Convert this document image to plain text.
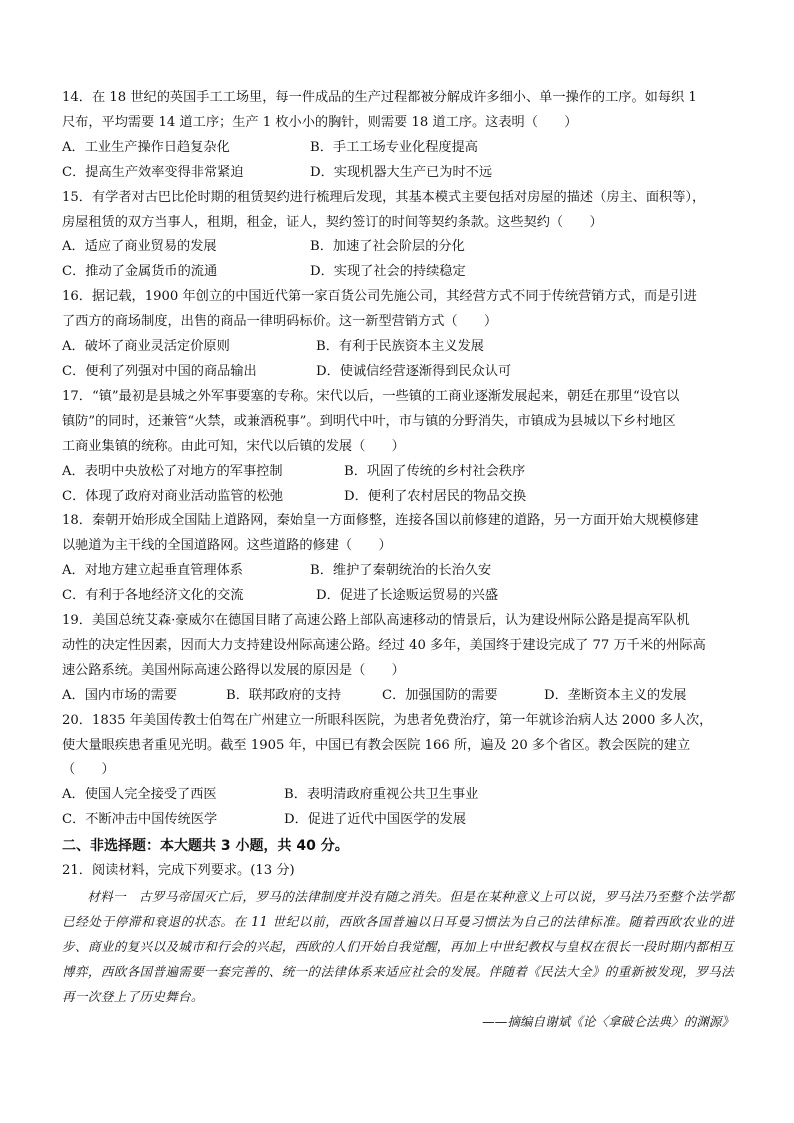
14．在 18 世纪的英国手工工场里，每一件成品的生产过程都被分解成许多细小、单一操作的工序。如每织 1
尺布，平均需要 14 道工序；生产 1 枚小小的胸针，则需要 18 道工序。这表明（　　）
A．工业生产操作日趋复杂化	B．手工工场专业化程度提高
C．提高生产效率变得非常紧迫	D．实现机器大生产已为时不远
15．有学者对古巴比伦时期的租赁契约进行梳理后发现，其基本模式主要包括对房屋的描述（房主、面积等），
房屋租赁的双方当事人，租期，租金，证人，契约签订的时间等契约条款。这些契约（　　）
A．适应了商业贸易的发展	B．加速了社会阶层的分化
C．推动了金属货币的流通	D．实现了社会的持续稳定
16．据记载，1900 年创立的中国近代第一家百货公司先施公司，其经营方式不同于传统营销方式，而是引进
了西方的商场制度，出售的商品一律明码标价。这一新型营销方式（　　）
A．破坏了商业灵活定价原则	B．有利于民族资本主义发展
C．便利了列强对中国的商品输出	D．使诚信经营逐渐得到民众认可
17．“镇”最初是县城之外军事要塞的专称。宋代以后，一些镇的工商业逐渐发展起来，朝廷在那里“设官以
镇防”的同时，还兼管“火禁，或兼酒税事”。到明代中叶，市与镇的分野消失，市镇成为县城以下乡村地区
工商业集镇的统称。由此可知，宋代以后镇的发展（　　）
A．表明中央放松了对地方的军事控制	B．巩固了传统的乡村社会秩序
C．体现了政府对商业活动监管的松弛	D．便利了农村居民的物品交换
18．秦朝开始形成全国陆上道路网，秦始皇一方面修整，连接各国以前修建的道路，另一方面开始大规模修建
以驰道为主干线的全国道路网。这些道路的修建（　　）
A．对地方建立起垂直管理体系	B．维护了秦朝统治的长治久安
C．有利于各地经济文化的交流	D．促进了长途贩运贸易的兴盛
19．美国总统艾森·豪威尔在德国目睹了高速公路上部队高速移动的情景后，认为建设州际公路是提高军队机
动性的决定性因素，因而大力支持建设州际高速公路。经过 40 多年，美国终于建设完成了 77 万千米的州际高
速公路系统。美国州际高速公路得以发展的原因是（　　）
A．国内市场的需要	B．联邦政府的支持	C．加强国防的需要	D．垄断资本主义的发展
20．1835 年美国传教士伯驾在广州建立一所眼科医院，为患者免费治疗，第一年就诊治病人达 2000 多人次，
使大量眼疾患者重见光明。截至 1905 年，中国已有教会医院 166 所，遍及 20 多个省区。教会医院的建立
（　　）
A．使国人完全接受了西医	B．表明清政府重视公共卫生事业
C．不断冲击中国传统医学	D．促进了近代中国医学的发展
二、非选择题：本大题共 3 小题，共 40 分。
21．阅读材料，完成下列要求。(13 分)
材料一　古罗马帝国灭亡后，罗马的法律制度并没有随之消失。但是在某种意义上可以说，罗马法乃至整个法学都已经处于停滞和衰退的状态。在 11 世纪以前，西欧各国普遍以日耳曼习惯法为自己的法律标准。随着西欧农业的进步、商业的复兴以及城市和行会的兴起，西欧的人们开始自我觉醒，再加上中世纪教权与皇权在很长一段时期内都相互博弈，西欧各国普遍需要一套完善的、统一的法律体系来适应社会的发展。伴随着《民法大全》的重新被发现，罗马法再一次登上了历史舞台。
——摘编自谢斌《论〈拿破仑法典〉的渊源》
